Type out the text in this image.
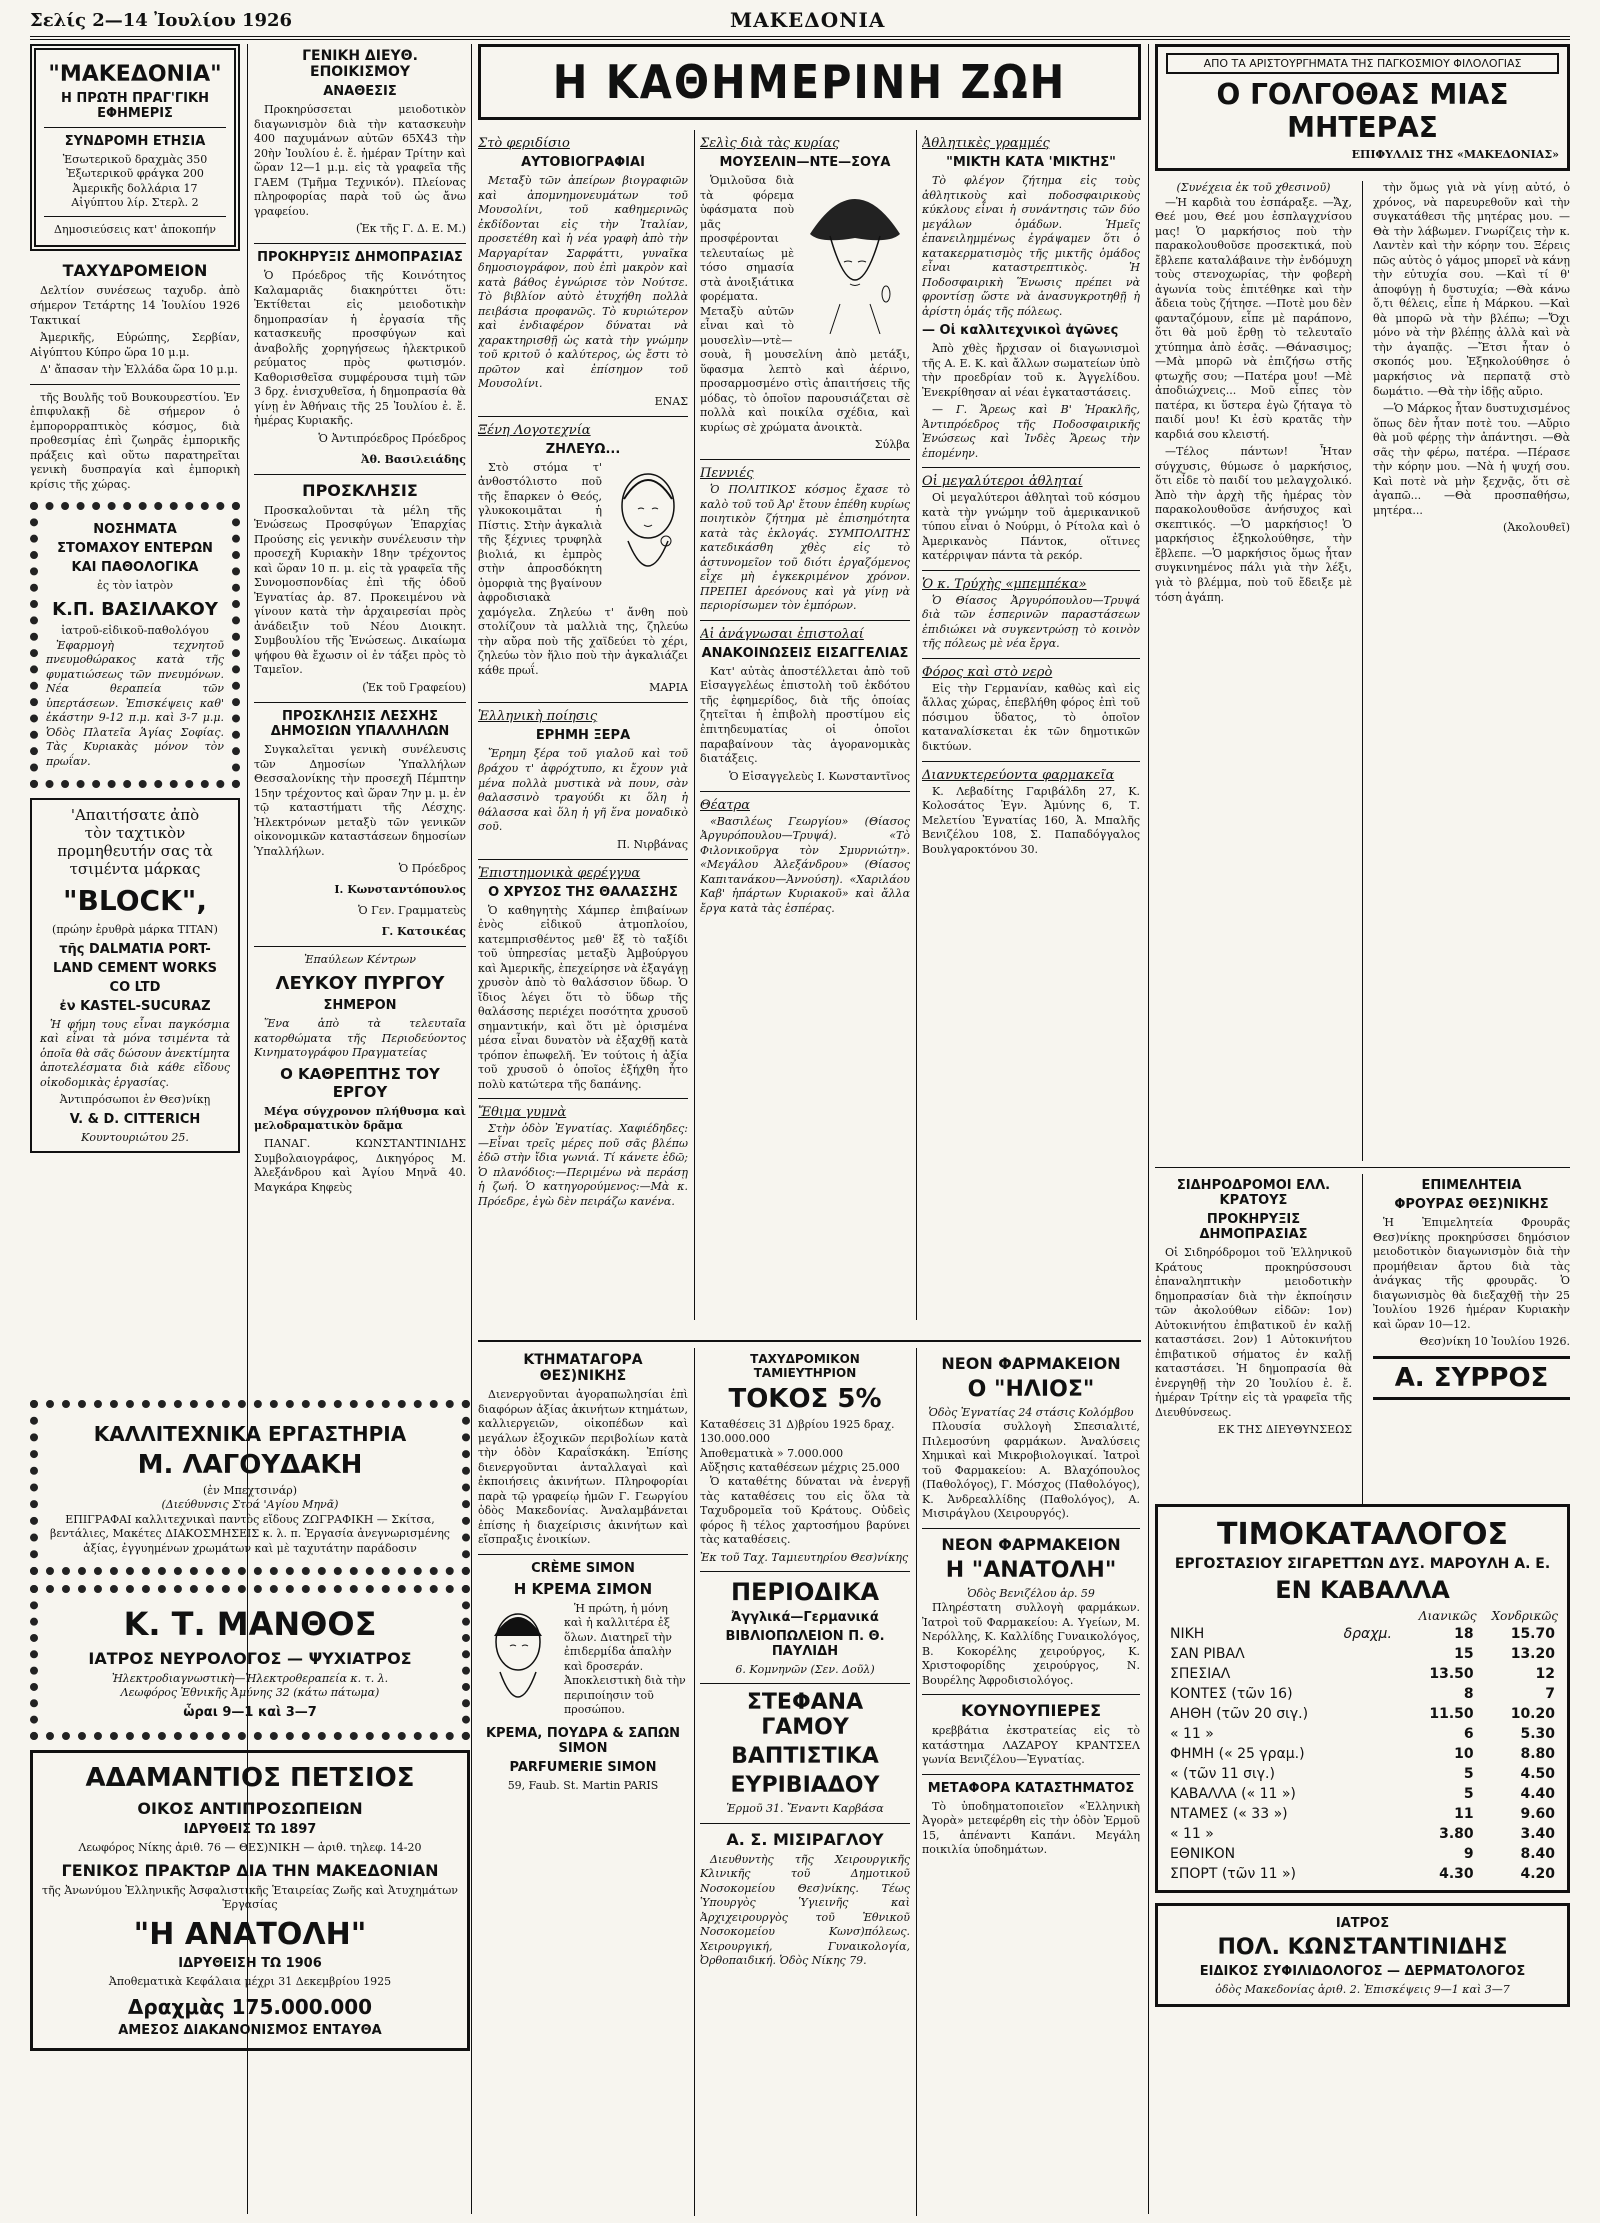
Σελίς 2—14 Ἰουλίου 1926	ΜΑΚΕΔΟΝΙΑ
"ΜΑΚΕΔΟΝΙΑ"
Η ΠΡΩΤΗ ΠΡΑΓ'ΓΙΚΗ ΕΦΗΜΕΡΙΣ
ΣΥΝΔΡΟΜΗ ΕΤΗΣΙΑ
Ἐσωτερικοῦ δραχμὰς 350
Ἐξωτερικοῦ φράγκα 200
Ἀμερικῆς δολλάρια 17
Αἰγύπτου λίρ. Στερλ. 2
Δημοσιεύσεις κατ' ἀποκοπήν
ΤΑΧΥΔΡΟΜΕΙΟΝ

Δελτίον συνέσεως ταχυδρ. ἀπὸ σήμερον Τετάρτης 14 Ἰουλίου 1926 Τακτικαί

Ἀμερικῆς, Εὐρώπης, Σερβίαν, Αἰγύπτου Κύπρο ὥρα 10 μ.μ.

Δ' ἄπασαν τὴν Ἑλλάδα ὥρα 10 μ.μ.

τῆς Βουλῆς τοῦ Βουκουρεστίου. Ἐν ἐπιφυλακῇ δὲ σήμερον ὁ ἐμπορορραπτικὸς κόσμος, διὰ προθεσμίας ἐπὶ ζωηρᾶς ἐμπορικῆς πράξεις καὶ οὕτω παρατηρεῖται γενικὴ δυσπραγία καὶ ἐμπορικὴ κρίσις τῆς χώρας.

ΝΟΣΗΜΑΤΑ
ΣΤΟΜΑΧΟΥ ΕΝΤΕΡΩΝ
ΚΑΙ ΠΑΘΟΛΟΓΙΚΑ
ἐς τὸν ἰατρὸν
Κ.Π. ΒΑΣΙΛΑΚΟΥ
ἰατροῦ-εἰδικοῦ-παθολόγου

Ἐφαρμογὴ τεχνητοῦ πνευμοθώρακος κατὰ τῆς φυματιώσεως τῶν πνευμόνων. Νέα θεραπεία τῶν ὑπερτάσεων. Ἐπισκέψεις καθ' ἑκάστην 9-12 π.μ. καὶ 3-7 μ.μ. Ὁδὸς Πλατεῖα Ἁγίας Σοφίας. Τὰς Κυριακὰς μόνον τὸν πρωΐαν.

'Απαιτήσατε ἀπὸ
τὸν ταχτικὸν προμηθευτήν σας τὰ
τσιμέντα μάρκας
"BLOCK",
(πρώην ἐρυθρὰ μάρκα TITAN)
τῆς DALMATIA PORT-
LAND CEMENT WORKS
CO LTD
ἐν KASTEL-SUCURAZ

Ἡ φήμη τους εἶναι παγκόσμια καὶ εἶναι τὰ μόνα τσιμέντα τὰ ὁποῖα θὰ σᾶς δώσουν ἀνεκτίμητα ἀποτελέσματα διὰ κάθε εἴδους οἰκοδομικὰς ἐργασίας.

Ἀντιπρόσωποι ἐν Θεσ)νίκῃ
V. & D. CITTERICH
Κουντουριώτου 25.
ΓΕΝΙΚΗ ΔΙΕΥΘ. ΕΠΟΙΚΙΣΜΟΥ
ΑΝΑΘΕΣΙΣ

Προκηρύσσεται μειοδοτικὸν διαγωνισμὸν διὰ τὴν κατασκευὴν 400 παχυμάνων αὐτῶν 65Χ43 τὴν 20ὴν Ἰουλίου ἐ. ἔ. ἡμέραν Τρίτην καὶ ὥραν 12—1 μ.μ. εἰς τὰ γραφεῖα τῆς ΓΑΕΜ (Τμῆμα Τεχνικόν). Πλείονας πληροφορίας παρὰ τοῦ ὡς ἄνω γραφείου.

(Ἐκ τῆς Γ. Δ. Ε. Μ.)
ΠΡΟΚΗΡΥΞΙΣ ΔΗΜΟΠΡΑΣΙΑΣ

Ὁ Πρόεδρος τῆς Κοινότητος Καλαμαριᾶς διακηρύττει ὅτι: Ἐκτίθεται εἰς μειοδοτικὴν δημοπρασίαν ἡ ἐργασία τῆς κατασκευῆς προσφύγων καὶ ἀναβολῆς χορηγήσεως ἠλεκτρικοῦ ρεύματος πρὸς φωτισμόν. Καθορισθεῖσα συμφέρουσα τιμὴ τῶν 3 δρχ. ἐνισχυθεῖσα, ἡ δημοπρασία θὰ γίνῃ ἐν Ἀθήναις τῆς 25 Ἰουλίου ἐ. ἔ. ἡμέρας Κυριακῆς.

Ὁ Ἀντιπρόεδρος Πρόεδρος
Ἀθ. Βασιλειάδης
ΠΡΟΣΚΛΗΣΙΣ

Προσκαλοῦνται τὰ μέλη τῆς Ἑνώσεως Προσφύγων Ἐπαρχίας Προύσης εἰς γενικὴν συνέλευσιν τὴν προσεχῆ Κυριακὴν 18ην τρέχοντος καὶ ὥραν 10 π. μ. εἰς τὰ γραφεῖα τῆς Συνομοσπονδίας ἐπὶ τῆς ὁδοῦ Ἐγνατίας ἀρ. 87. Προκειμένου νὰ γίνουν κατὰ τὴν ἀρχαιρεσίαι πρὸς ἀνάδειξιν τοῦ Νέου Διοικητ. Συμβουλίου τῆς Ἑνώσεως. Δικαίωμα ψήφου θὰ ἔχωσιν οἱ ἐν τάξει πρὸς τὸ Ταμεῖον.

(Ἐκ τοῦ Γραφείου)
ΠΡΟΣΚΛΗΣΙΣ ΛΕΣΧΗΣ ΔΗΜΟΣΙΩΝ ΥΠΑΛΛΗΛΩΝ

Συγκαλεῖται γενικὴ συνέλευσις τῶν Δημοσίων Ὑπαλλήλων Θεσσαλονίκης τὴν προσεχῆ Πέμπτην 15ην τρέχοντος καὶ ὥραν 7ην μ. μ. ἐν τῷ καταστήματι τῆς Λέσχης. Ἠλεκτρόνων μεταξὺ τῶν γενικῶν οἰκονομικῶν καταστάσεων δημοσίων Ὑπαλλήλων.

Ὁ Πρόεδρος
Ι. Κωνσταντόπουλος
Ὁ Γεν. Γραμματεὺς
Γ. Κατσικέας
Ἐπαύλεων Κέντρων
ΛΕΥΚΟΥ ΠΥΡΓΟΥ
ΣΗΜΕΡΟΝ

Ἕνα ἀπὸ τὰ τελευταῖα κατορθώματα τῆς Περιοδεύοντος Κινηματογράφου Πραγματείας

Ο ΚΑΘΡΕΠΤΗΣ ΤΟΥ ΕΡΓΟΥ

Μέγα σύγχρονον πλήθυσμα καὶ μελοδραματικὸν δρᾶμα

ΠΑΝΑΓ. ΚΩΝΣΤΑΝΤΙΝΙΔΗΣ Συμβολαιογράφος, Δικηγόρος Μ. Ἀλεξάνδρου καὶ Ἁγίου Μηνᾶ 40. Μαγκάρα Κηφεὺς

ΚΑΛΛΙΤΕΧΝΙΚΑ ΕΡΓΑΣΤΗΡΙΑ
Μ. ΛΑΓΟΥΔΑΚΗ
(ἐν Μπεχτσινάρ)
(Διεύθυνσις Στοά 'Αγίου Μηνᾶ)

ΕΠΙΓΡΑΦΑΙ καλλιτεχνικαὶ παντὸς εἴδους ΖΩΓΡΑΦΙΚΗ — Σκίτσα, βεντάλιες, Μακέτες ΔΙΑΚΟΣΜΗΣΕΙΣ κ. λ. π. Ἐργασία ἀνεγνωρισμένης ἀξίας, ἐγγυημένων χρωμάτων καὶ μὲ ταχυτάτην παράδοσιν

Κ. Τ. ΜΑΝΘΟΣ
ΙΑΤΡΟΣ ΝΕΥΡΟΛΟΓΟΣ — ΨΥΧΙΑΤΡΟΣ
Ἠλεκτροδιαγνωστικὴ—Ἠλεκτροθεραπεία κ. τ. λ.
Λεωφόρος Ἐθνικῆς Ἀμύνης 32 (κάτω πάτωμα)
ὧραι 9—1 καὶ 3—7
ΑΔΑΜΑΝΤΙΟΣ ΠΕΤΣΙΟΣ
ΟΙΚΟΣ ΑΝΤΙΠΡΟΣΩΠΕΙΩΝ
ΙΔΡΥΘΕΙΣ ΤΩ 1897
Λεωφόρος Νίκης ἀριθ. 76 — ΘΕΣ)ΝΙΚΗ — ἀριθ. τηλεφ. 14-20
ΓΕΝΙΚΟΣ ΠΡΑΚΤΩΡ ΔΙΑ ΤΗΝ ΜΑΚΕΔΟΝΙΑΝ
τῆς Ἀνωνύμου Ἑλληνικῆς Ἀσφαλιστικῆς Ἑταιρείας Ζωῆς καὶ Ἀτυχημάτων Ἑργασίας
"Η ΑΝΑΤΟΛΗ"
ΙΔΡΥΘΕΙΣΗ ΤΩ 1906
Ἀποθεματικὰ Κεφάλαια μέχρι 31 Δεκεμβρίου 1925
Δραχμὰς 175.000.000
ΑΜΕΣΟΣ ΔΙΑΚΑΝΟΝΙΣΜΟΣ ΕΝΤΑΥΘΑ
Η ΚΑΘΗΜΕΡΙΝΗ ΖΩΗ
Στὸ φεριδίσιο
ΑΥΤΟΒΙΟΓΡΑΦΙΑΙ

Μεταξὺ τῶν ἀπείρων βιογραφιῶν καὶ ἀπομνημονευμάτων τοῦ Μουσολίνι, τοῦ καθημερινῶς ἐκδίδονται εἰς τὴν Ἰταλίαν, προσετέθη καὶ ἡ νέα γραφὴ ἀπὸ τὴν Μαργαρίταν Σαρφάττι, γυναῖκα δημοσιογράφον, ποὺ ἐπὶ μακρὸν καὶ κατὰ βάθος ἐγνώρισε τὸν Νούτσε. Τὸ βιβλίον αὐτὸ ἐτυχήθη πολλὰ πειβάσια προφανῶς. Τὸ κυριώτερον καὶ ἐνδιαφέρον δύναται νὰ χαρακτηρισθῇ ὡς κατὰ τὴν γνώμην τοῦ κριτοῦ ὁ καλύτερος, ὡς ἔστι τὸ πρῶτον καὶ ἐπίσημον τοῦ Μουσολίνι.

ΕΝΑΣ
Ξένη Λογοτεχνία
ΖΗΛΕΥΩ...

Στὸ στόμα τ' ἀνθοστόλιστο ποῦ τῆς ἔπαρκεν ὁ Θεός, γλυκοκοιμᾶται ἡ Πίστις. Στὴν ἀγκαλιὰ τῆς ξέχνιες τρυφηλὰ βιολιά, κι ἐμπρὸς στὴν ἀπροσδόκητη ὀμορφιὰ της βγαίνουν ἀφροδισιακὰ χαμόγελα. Ζηλεύω τ' ἄνθη ποὺ στολίζουν τὰ μαλλιὰ της, ζηλεύω τὴν αὔρα ποὺ τῆς χαϊδεύει τὸ χέρι, ζηλεύω τὸν ἥλιο ποὺ τὴν ἀγκαλιάζει κάθε πρωΐ.

ΜΑΡΙΑ
Ἑλληνικὴ ποίησις
ΕΡΗΜΗ ΞΕΡΑ

Ἔρημη ξέρα τοῦ γιαλοῦ καὶ τοῦ βράχου τ' ἀφρόχτυπο, κι ἔχουν γιὰ μένα πολλὰ μυστικὰ νὰ πουν, σὰν θαλασσινὸ τραγούδι κι ὅλη ἡ θάλασσα καὶ ὅλη ἡ γῆ ἕνα μοναδικὸ σοῦ.

Π. Νιρβάνας
Ἐπιστημονικὰ φερέγγυα
Ο ΧΡΥΣΟΣ ΤΗΣ ΘΑΛΑΣΣΗΣ

Ὁ καθηγητὴς Χάμπερ ἐπιβαίνων ἐνὸς εἰδικοῦ ἀτμοπλοίου, κατεμπρισθέντος μεθ' ἔξ τὸ ταξίδι τοῦ ὑπηρεσίας μεταξὺ Ἀμβούργου καὶ Ἀμερικῆς, ἐπεχείρησε νὰ ἐξαγάγῃ χρυσὸν ἀπὸ τὸ θαλάσσιον ὕδωρ. Ὁ ἴδιος λέγει ὅτι τὸ ὕδωρ τῆς θαλάσσης περιέχει ποσότητα χρυσοῦ σημαντικήν, καὶ ὅτι μὲ ὁρισμένα μέσα εἶναι δυνατὸν νὰ ἐξαχθῇ κατὰ τρόπον ἐπωφελῆ. Ἐν τούτοις ἡ ἀξία τοῦ χρυσοῦ ὁ ὁποῖος ἐξήχθη ἦτο πολὺ κατώτερα τῆς δαπάνης.

Ἔθιμα γυμνὰ

Στὴν ὁδὸν Ἐγνατίας. Χαφιέδηδες:—Εἶναι τρεῖς μέρες ποῦ σᾶς βλέπω ἐδῶ στὴν ἴδια γωνιά. Τί κάνετε ἐδῶ; Ὁ πλανόδιος:—Περιμένω νὰ περάσῃ ἡ ζωή. Ὁ κατηγορούμενος:—Μὰ κ. Πρόεδρε, ἐγὼ δὲν πειράζω κανένα.

Σελὶς διὰ τὰς κυρίας
ΜΟΥΣΕΛΙΝ—ΝΤΕ—ΣΟΥΑ

Ὁμιλοῦσα διὰ τὰ φόρεμα ὑφάσματα ποὺ μᾶς προσφέρονται τελευταίως μὲ τόσο σημασία στὰ ἀνοιξιάτικα φορέματα. Μεταξὺ αὐτῶν εἶναι καὶ τὸ μουσελὶν—ντὲ—σουὰ, ἢ μουσελίνη ἀπὸ μετάξι, ὕφασμα λεπτὸ καὶ ἀέρινο, προσαρμοσμένο στὶς ἀπαιτήσεις τῆς μόδας, τὸ ὁποῖον παρουσιάζεται σὲ πολλὰ καὶ ποικίλα σχέδια, καὶ κυρίως σὲ χρώματα ἀνοικτὰ.

Σύλβα
Πεννιές

Ὁ ΠΟΛΙΤΙΚΟΣ κόσμος ἔχασε τὸ καλὸ τοῦ τοῦ Ἀρ' ἔτουν ἐπέθη κυρίως ποιητικὸν ζήτημα μὲ ἐπισημότητα κατὰ τὰς ἐκλογάς. ΣΥΜΠΟΛΙΤΗΣ κατεδικάσθη χθὲς εἰς τὸ ἀστυνομεῖον τοῦ διότι ἐργαζόμενος εἶχε μὴ ἐγκεκριμένον χρόνον. ΠΡΕΠΕΙ ἀρεόνους καὶ γὰ γίνῃ νὰ περιορίσωμεν τὸν ἐμπόρων.

Αἱ ἀνάγνωσαι ἐπιστολαί
ΑΝΑΚΟΙΝΩΣΕΙΣ ΕΙΣΑΓΓΕΛΙΑΣ

Κατ' αὐτὰς ἀποστέλλεται ἀπὸ τοῦ Εἰσαγγελέως ἐπιστολὴ τοῦ ἐκδότου τῆς ἐφημερίδος, διὰ τῆς ὁποίας ζητεῖται ἡ ἐπιβολὴ προστίμου εἰς ἐπιτηδευματίας οἱ ὁποῖοι παραβαίνουν τὰς ἀγορανομικὰς διατάξεις.

Ὁ Εἰσαγγελεὺς Ι. Κωνσταντῖνος
Θέατρα

«Βασιλέως Γεωργίου» (Θίασος Ἀργυρόπουλου—Τρυψά). «Τὸ Φιλονικοῦργα τὸν Σμυρνιώτη». «Μεγάλου Ἀλεξάνδρου» (Θίασος Καπιτανάκου—Ἀννούση). «Χαριλάου Καβ' ἠπάρτων Κυριακοῦ» καὶ ἄλλα ἔργα κατὰ τὰς ἑσπέρας.

Ἀθλητικὲς γραμμές
"ΜΙΚΤΗ ΚΑΤΑ 'ΜΙΚΤΗΣ"

Τὸ φλέγον ζήτημα εἰς τοὺς ἀθλητικοὺς καὶ ποδοσφαιρικοὺς κύκλους εἶναι ἡ συνάντησις τῶν δύο μεγάλων ὁμάδων. Ἡμεῖς ἐπανειλημμένως ἐγράψαμεν ὅτι ὁ κατακερματισμὸς τῆς μικτῆς ὁμάδος εἶναι καταστρεπτικὸς. Ἡ Ποδοσφαιρικὴ Ἕνωσις πρέπει νὰ φροντίσῃ ὥστε νὰ ἀνασυγκροτηθῇ ἡ ἀρίστη ὁμάς τῆς πόλεως.

— Οἱ καλλιτεχνικοὶ ἀγῶνες

Ἀπὸ χθὲς ἤρχισαν οἱ διαγωνισμοὶ τῆς Α. Ε. Κ. καὶ ἄλλων σωματείων ὑπὸ τὴν προεδρίαν τοῦ κ. Ἀγγελίδου. Ἐνεκρίθησαν αἱ νέαι ἐγκαταστάσεις.

— Γ. Ἄρεως καὶ Β' Ἡρακλῆς, Ἀντιπρόεδρος τῆς Ποδοσφαιρικῆς Ἑνώσεως καὶ Ἰνδὲς Ἄρεως τὴν ἑπομένην.

Οἱ μεγαλύτεροι ἀθληταί

Οἱ μεγαλύτεροι ἀθληταὶ τοῦ κόσμου κατὰ τὴν γνώμην τοῦ ἀμερικανικοῦ τύπου εἶναι ὁ Νούρμι, ὁ Ρίτολα καὶ ὁ Ἀμερικανὸς Πάντοκ, οἵτινες κατέρριψαν πάντα τὰ ρεκόρ.

Ὁ κ. Τρύχὴς «μπεμπέκα»

Ὁ Θίασος Ἀργυρόπουλου—Τρυψά διὰ τῶν ἑσπερινῶν παραστάσεων ἐπιδιώκει νὰ συγκεντρώσῃ τὸ κοινὸν τῆς πόλεως μὲ νέα ἔργα.

Φόρος καὶ στὸ νερὸ

Εἰς τὴν Γερμανίαν, καθὼς καὶ εἰς ἄλλας χώρας, ἐπεβλήθη φόρος ἐπὶ τοῦ πόσιμου ὕδατος, τὸ ὁποῖον καταναλίσκεται ἐκ τῶν δημοτικῶν δικτύων.

Διανυκτερεύοντα φαρμακεῖα

Κ. Λεβαδίτης Γαριβάλδη 27, Κ. Κολοσάτος Ἐγν. Ἀμύνης 6, Τ. Μελετίου Ἐγνατίας 160, Ἀ. Μπαλῆς Βενιζέλου 108, Σ. Παπαδόγγαλος Βουλγαροκτόνου 30.

ΚΤΗΜΑΤΑΓΟΡΑ ΘΕΣ)ΝΙΚΗΣ

Διενεργοῦνται ἀγοραπωλησίαι ἐπὶ διαφόρων ἀξίας ἀκινήτων κτημάτων, καλλιεργειῶν, οἰκοπέδων καὶ μεγάλων ἐξοχικῶν περιβολίων κατὰ τὴν ὁδὸν Καραΐσκάκη. Ἐπίσης διενεργοῦνται ἀνταλλαγαὶ καὶ ἐκποιήσεις ἀκινήτων. Πληροφορίαι παρὰ τῷ γραφείῳ ἡμῶν Γ. Γεωργίου ὁδὸς Μακεδονίας. Ἀναλαμβάνεται ἐπίσης ἡ διαχείρισις ἀκινήτων καὶ εἴσπραξις ἐνοικίων.

CRÈME SIMON
Η ΚΡΕΜΑ ΣΙΜΟΝ

Ἡ πρώτη, ἡ μόνη καὶ ἡ καλλιτέρα ἐξ ὅλων. Διατηρεῖ τὴν ἐπιδερμίδα ἁπαλὴν καὶ δροσεράν. Ἀποκλειστικὴ διὰ τὴν περιποίησιν τοῦ προσώπου.

ΚΡΕΜΑ, ΠΟΥΔΡΑ & ΣΑΠΩΝ SIMON
PARFUMERIE SIMON
59, Faub. St. Martin PARIS
ΤΑΧΥΔΡΟΜΙΚΟΝ ΤΑΜΙΕΥΤΗΡΙΟΝ
ΤΟΚΟΣ 5%
Καταθέσεις 31 Δ)βρίου 1925 δραχ. 130.000.000
Ἀποθεματικὰ » 7.000.000
Αὔξησις καταθέσεων μέχρις 25.000

Ὁ καταθέτης δύναται νὰ ἐνεργῇ τὰς καταθέσεις του εἰς ὅλα τὰ Ταχυδρομεῖα τοῦ Κράτους. Οὐδεὶς φόρος ἢ τέλος χαρτοσήμου βαρύνει τὰς καταθέσεις.

Ἐκ τοῦ Ταχ. Ταμιευτηρίου Θεσ)νίκης
ΠΕΡΙΟΔΙΚΑ
Ἀγγλικά—Γερμανικά
ΒΙΒΛΙΟΠΩΛΕΙΟΝ Π. Θ. ΠΑΥΛΙΔΗ
6. Κομνηνῶν (Σεν. Δοῦλ)
ΣΤΕΦΑΝΑ ΓΑΜΟΥ
ΒΑΠΤΙΣΤΙΚΑ
ΕΥΡΙΒΙΑΔΟΥ
Ἑρμοῦ 31. Ἔναντι Καρβάσα
Α. Σ. ΜΙΣΙΡΑΓΛΟΥ

Διευθυντὴς τῆς Χειρουργικῆς Κλινικῆς τοῦ Δημοτικοῦ Νοσοκομείου Θεσ)νίκης. Τέως Ὑπουργὸς Ὑγιεινῆς καὶ Ἀρχιχειρουργὸς τοῦ Ἐθνικοῦ Νοσοκομείου Κωνσ)πόλεως. Χειρουργική, Γυναικολογία, Ὀρθοπαιδική. Ὁδὸς Νίκης 79.

ΝΕΟΝ ΦΑΡΜΑΚΕΙΟΝ
Ο "ΗΛΙΟΣ"
Ὁδὸς Ἐγνατίας 24 στάσις Κολόμβου

Πλουσία συλλογὴ Σπεσιαλιτέ, Πιλεμοσύνη φαρμάκων. Ἀναλύσεις Χημικαὶ καὶ Μικροβιολογικαί. Ἰατροὶ τοῦ Φαρμακείου: Α. Βλαχόπουλος (Παθολόγος), Γ. Μόσχος (Παθολόγος), Κ. Ἀνδρεαλλίδης (Παθολόγος), Α. Μισιράγλου (Χειρουργός).

ΝΕΟΝ ΦΑΡΜΑΚΕΙΟΝ
Η "ΑΝΑΤΟΛΗ"
Ὁδὸς Βενιζέλου ἀρ. 59

Πληρέστατη συλλογὴ φαρμάκων. Ἰατροὶ τοῦ Φαρμακείου: Α. Υγείων, Μ. Νερόλλης, Κ. Καλλίδης Γυναικολόγος, Β. Κοκορέλης χειρούργος, Κ. Χριστοφορίδης χειρούργος, Ν. Βουρέλης Ἀφροδισιολόγος.

ΚΟΥΝΟΥΠΙΕΡΕΣ

κρεββάτια ἐκστρατείας εἰς τὸ κατάστημα ΛΑΖΑΡΟΥ ΚΡΑΝΤΣΕΛ γωνία Βενιζέλου—Ἐγνατίας.

ΜΕΤΑΦΟΡΑ ΚΑΤΑΣΤΗΜΑΤΟΣ

Τὸ ὑποδηματοποιεῖον «Ἑλληνικὴ Ἀγορὰ» μετεφέρθη εἰς τὴν ὁδὸν Ἑρμοῦ 15, ἀπέναντι Καπάνι. Μεγάλη ποικιλία ὑποδημάτων.

ΑΠΟ ΤΑ ΑΡΙΣΤΟΥΡΓΗΜΑΤΑ ΤΗΣ ΠΑΓΚΟΣΜΙΟΥ ΦΙΛΟΛΟΓΙΑΣ
Ο ΓΟΛΓΟΘΑΣ ΜΙΑΣ ΜΗΤΕΡΑΣ
ΕΠΙΦΥΛΛΙΣ ΤΗΣ «ΜΑΚΕΔΟΝΙΑΣ»
(Συνέχεια ἐκ τοῦ χθεσινοῦ)

—Ἡ καρδιὰ του ἐσπάραξε. —Ἄχ, Θεέ μου, Θεέ μου ἐσπλαγχνίσου μας! Ὁ μαρκήσιος ποὺ τὴν παρακολουθοῦσε προσεκτικά, ποὺ ἔβλεπε καταλάβαινε τὴν ἐνδόμυχη τοὺς στενοχωρίας, τὴν φοβερὴ ἀγωνία τοὺς ἐπιτέθηκε καὶ τὴν ἄδεια τοὺς ζήτησε. —Ποτὲ μου δὲν φανταζόμουν, εἶπε μὲ παράπονο, ὅτι θὰ μοῦ ἔρθῃ τὸ τελευταῖο χτύπημα ἀπὸ ἐσᾶς. —Θάνασιμος; —Μὰ μπορῶ νὰ ἐπιζήσω στῆς φτωχῆς σου; —Πατέρα μου! —Μὲ ἀποδιώχνεις... Μοῦ εἶπες τὸν πατέρα, κι ὕστερα ἐγὼ ζήταγα τὸ παιδί μου! Κι ἐσὺ κρατᾶς τὴν καρδιά σου κλειστή.

—Τέλος πάντων! Ἦταν σύγχυσις, θύμωσε ὁ μαρκήσιος, ὅτι εἶδε τὸ παιδί του μελαγχολικό. Ἀπὸ τὴν ἀρχὴ τῆς ἡμέρας τὸν παρακολουθοῦσε ἀνήσυχος καὶ σκεπτικός. —Ὁ μαρκήσιος! Ὁ μαρκήσιος ἐξηκολούθησε, τὴν ἔβλεπε. —Ὁ μαρκήσιος ὅμως ἦταν συγκινημένος πάλι γιὰ τὴν λέξι, γιὰ τὸ βλέμμα, ποὺ τοῦ ἔδειξε μὲ τόση ἀγάπη.

τὴν ὅμως γιὰ νὰ γίνῃ αὐτό, ὁ χρόνος, νὰ παρευρεθοῦν καὶ τὴν συγκατάθεσι τῆς μητέρας μου. —Θὰ τὴν λάβωμεν. Γνωρίζεις τὴν κ. Λαντὲν καὶ τὴν κόρην του. Ξέρεις πῶς αὐτὸς ὁ γάμος μπορεῖ νὰ κάνῃ τὴν εὐτυχία σου. —Καὶ τί θ' ἀποφύγῃ ἡ δυστυχία; —Θὰ κάνω ὅ,τι θέλεις, εἶπε ἡ Μάρκου. —Καὶ θὰ μπορῶ νὰ τὴν βλέπω; —Ὄχι μόνο νὰ τὴν βλέπῃς ἀλλὰ καὶ νὰ τὴν ἀγαπᾷς. —Ἔτσι ἦταν ὁ σκοπός μου. Ἐξηκολούθησε ὁ μαρκήσιος νὰ περπατᾷ στὸ δωμάτιο. —Θὰ τὴν ἰδῇς αὔριο.

—Ὁ Μάρκος ἦταν δυστυχισμένος ὅπως δὲν ἦταν ποτὲ του. —Αὔριο θὰ μοῦ φέρῃς τὴν ἀπάντησι. —Θὰ σᾶς τὴν φέρω, πατέρα. —Πέρασε τὴν κόρην μου. —Νὰ ἡ ψυχή σου. Καὶ ποτὲ νὰ μὴν ξεχνᾷς, ὅτι σὲ ἀγαπῶ... —Θὰ προσπαθήσω, μητέρα...

(Ἀκολουθεῖ)
ΣΙΔΗΡΟΔΡΟΜΟΙ ΕΛΛ. ΚΡΑΤΟΥΣ
ΠΡΟΚΗΡΥΞΙΣ ΔΗΜΟΠΡΑΣΙΑΣ

Οἱ Σιδηρόδρομοι τοῦ Ἑλληνικοῦ Κράτους προκηρύσσουσι ἐπαναληπτικὴν μειοδοτικὴν δημοπρασίαν διὰ τὴν ἐκποίησιν τῶν ἀκολούθων εἰδῶν: 1ον) Αὐτοκινήτου ἐπιβατικοῦ ἐν καλῇ καταστάσει. 2ον) 1 Αὐτοκινήτου ἐπιβατικοῦ σήματος ἐν καλῇ καταστάσει. Ἡ δημοπρασία θὰ ἐνεργηθῇ τὴν 20 Ἰουλίου ἐ. ἔ. ἡμέραν Τρίτην εἰς τὰ γραφεῖα τῆς Διευθύνσεως.

ΕΚ ΤΗΣ ΔΙΕΥΘΥΝΣΕΩΣ
ΕΠΙΜΕΛΗΤΕΙΑ
ΦΡΟΥΡΑΣ ΘΕΣ)ΝΙΚΗΣ

Ἡ Ἐπιμελητεία Φρουρᾶς Θεσ)νίκης προκηρύσσει δημόσιον μειοδοτικὸν διαγωνισμὸν διὰ τὴν προμήθειαν ἄρτου διὰ τὰς ἀνάγκας τῆς φρουρᾶς. Ὁ διαγωνισμὸς θὰ διεξαχθῇ τὴν 25 Ἰουλίου 1926 ἡμέραν Κυριακὴν καὶ ὥραν 10—12.

Θεσ)νίκη 10 Ἰουλίου 1926.
Α. ΣΥΡΡΟΣ
ΤΙΜΟΚΑΤΑΛΟΓΟΣ
ΕΡΓΟΣΤΑΣΙΟΥ ΣΙΓΑΡΕΤΤΩΝ ΔΥΣ. ΜΑΡΟΥΛΗ Α. Ε.
ΕΝ ΚΑΒΑΛΛΑ
		Λιανικῶς	Χονδρικῶς
ΝΙΚΗ	δραχμ.	18	15.70
ΣΑΝ ΡΙΒΑΛ		15	13.20
ΣΠΕΣΙΑΛ		13.50	12
ΚΟΝΤΕΣ (τῶν 16)		8	7
ΑΗΘΗ (τῶν 20 σιγ.)		11.50	10.20
« 11 »		6	5.30
ΦΗΜΗ (« 25 γραμ.)		10	8.80
« (τῶν 11 σιγ.)		5	4.50
ΚΑΒΑΛΛΑ (« 11 »)		5	4.40
ΝΤΑΜΕΣ (« 33 »)		11	9.60
« 11 »		3.80	3.40
ΕΘΝΙΚΟΝ		9	8.40
ΣΠΟΡΤ (τῶν 11 »)		4.30	4.20
ΙΑΤΡΟΣ
ΠΟΛ. ΚΩΝΣΤΑΝΤΙΝΙΔΗΣ
ΕΙΔΙΚΟΣ ΣΥΦΙΛΙΔΟΛΟΓΟΣ — ΔΕΡΜΑΤΟΛΟΓΟΣ
ὁδὸς Μακεδονίας ἀριθ. 2. Ἐπισκέψεις 9—1 καὶ 3—7
